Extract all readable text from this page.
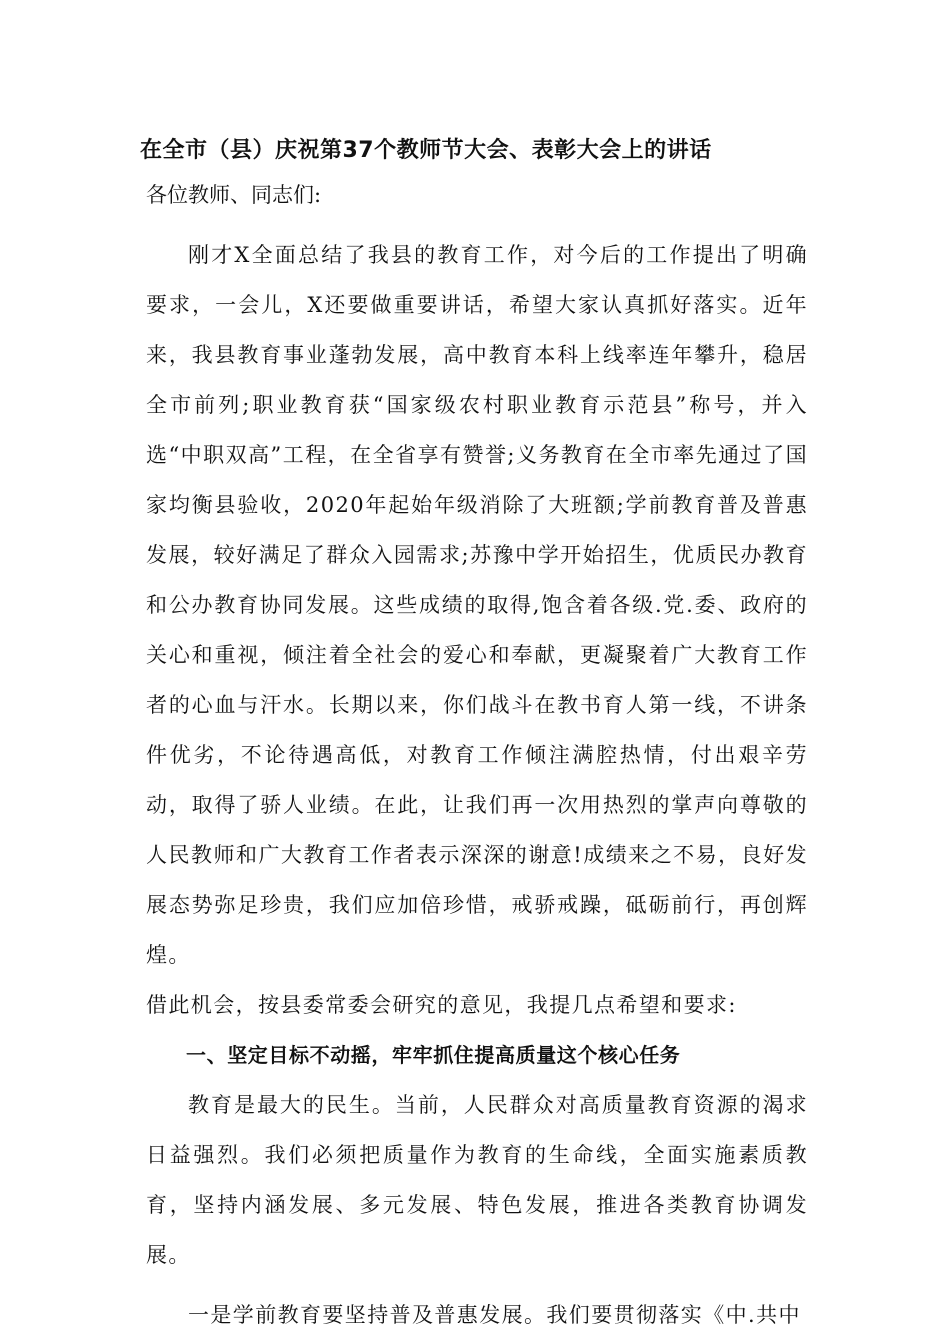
在全市（县）庆祝第37个教师节大会、表彰大会上的讲话

各位教师、同志们:

刚才X全面总结了我县的教育工作，对今后的工作提出了明确要求，一会儿，X还要做重要讲话，希望大家认真抓好落实。近年来，我县教育事业蓬勃发展，高中教育本科上线率连年攀升，稳居全市前列;职业教育获“国家级农村职业教育示范县”称号，并入选“中职双高”工程，在全省享有赞誉;义务教育在全市率先通过了国家均衡县验收，2020年起始年级消除了大班额;学前教育普及普惠发展，较好满足了群众入园需求;苏豫中学开始招生，优质民办教育和公办教育协同发展。这些成绩的取得,饱含着各级.党.委、政府的关心和重视，倾注着全社会的爱心和奉献，更凝聚着广大教育工作者的心血与汗水。长期以来，你们战斗在教书育人第一线，不讲条件优劣，不论待遇高低，对教育工作倾注满腔热情，付出艰辛劳动，取得了骄人业绩。在此，让我们再一次用热烈的掌声向尊敬的人民教师和广大教育工作者表示深深的谢意!成绩来之不易，良好发展态势弥足珍贵，我们应加倍珍惜，戒骄戒躁，砥砺前行，再创辉煌。

借此机会，按县委常委会研究的意见，我提几点希望和要求:

一、坚定目标不动摇，牢牢抓住提高质量这个核心任务

教育是最大的民生。当前，人民群众对高质量教育资源的渴求日益强烈。我们必须把质量作为教育的生命线，全面实施素质教育，坚持内涵发展、多元发展、特色发展，推进各类教育协调发展。

一是学前教育要坚持普及普惠发展。我们要贯彻落实《中.共中
